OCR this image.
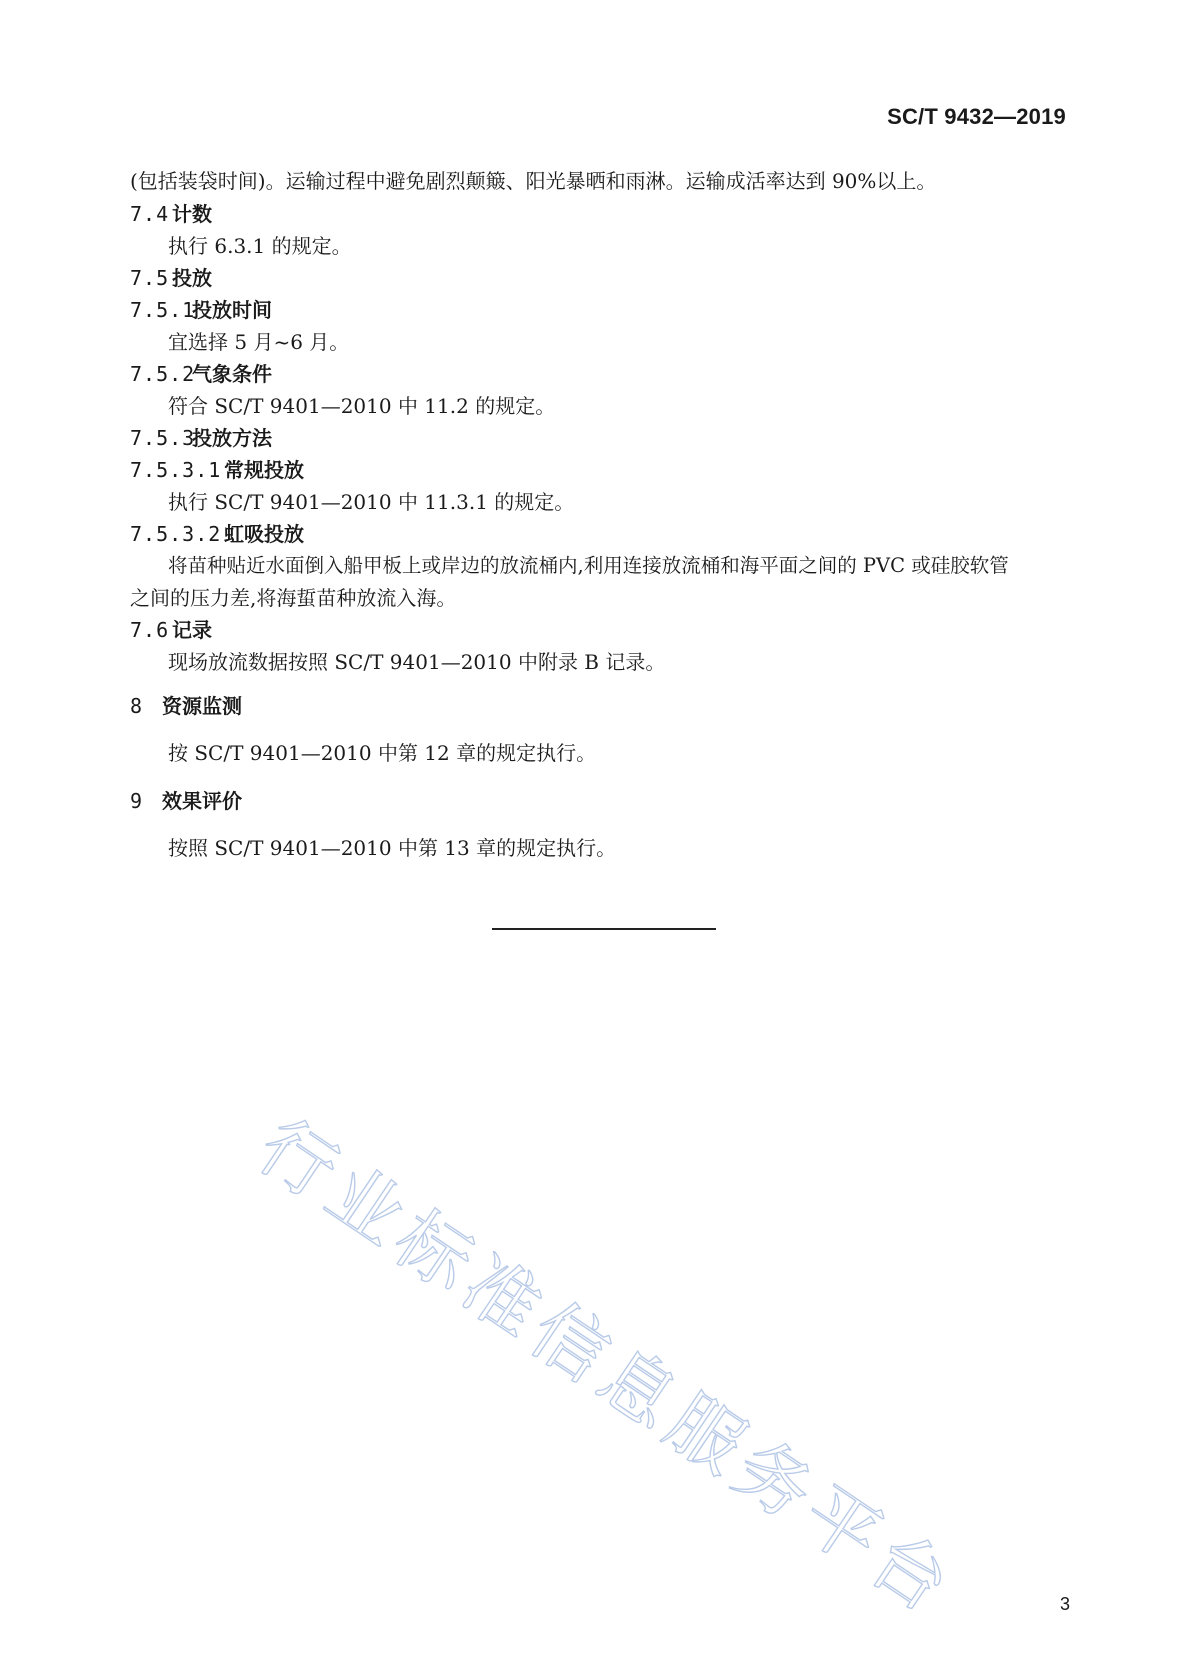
SC/T 9432—2019
(包括装袋时间)。运输过程中避免剧烈颠簸、阳光暴晒和雨淋。运输成活率达到 90%以上。
7.4 计数
执行 6.3.1 的规定。
7.5 投放
7.5.1投放时间
宜选择 5 月~6 月。
7.5.2气象条件
符合 SC/T 9401—2010 中 11.2 的规定。
7.5.3投放方法
7.5.3.1 常规投放
执行 SC/T 9401—2010 中 11.3.1 的规定。
7.5.3.2 虹吸投放
将苗种贴近水面倒入船甲板上或岸边的放流桶内,利用连接放流桶和海平面之间的 PVC 或硅胶软管
之间的压力差,将海蜇苗种放流入海。
7.6 记录
现场放流数据按照 SC/T 9401—2010 中附录 B 记录。
8 资源监测
按 SC/T 9401—2010 中第 12 章的规定执行。
9 效果评价
按照 SC/T 9401—2010 中第 13 章的规定执行。
行业标准信息服务平台	3
